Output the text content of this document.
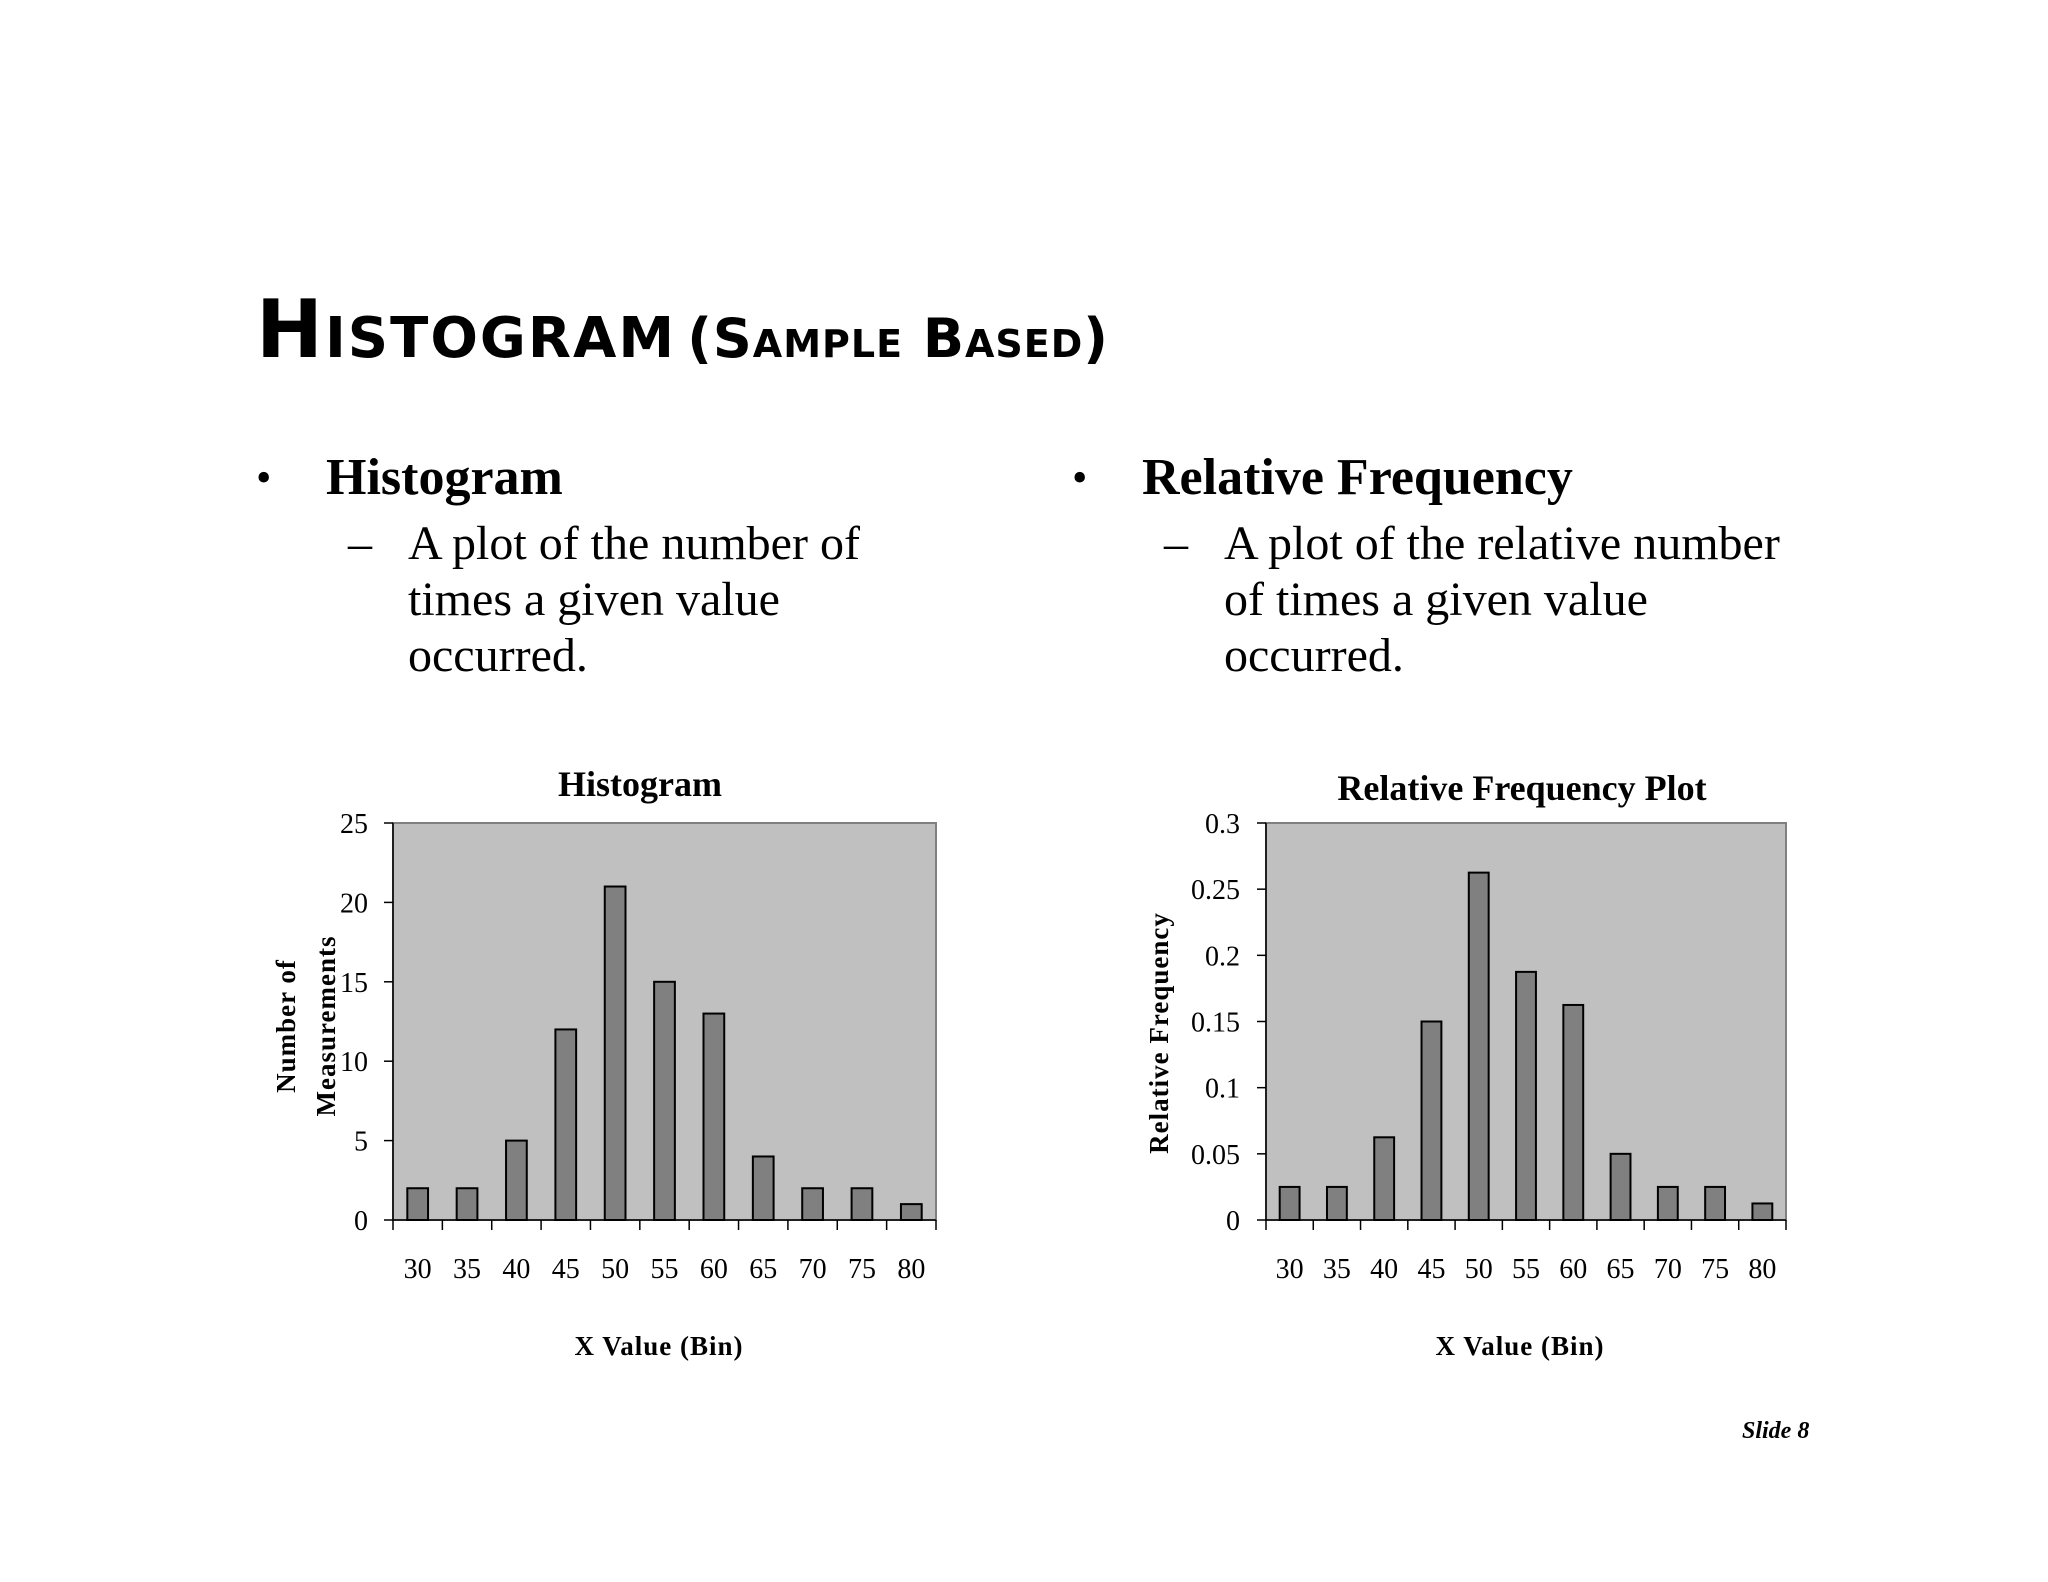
Histogram (Sample Based)
• Histogram
– A plot of the number of times a given value occurred.
• Relative Frequency
– A plot of the relative number of times a given value occurred.
Histogram
0
5
10
15
20
25
30 35 40 45 50 55 60 65 70 75 80
X Value (Bin)
Number of Measurements
Relative Frequency Plot
0
0.05
0.1
0.15
0.2
0.25
0.3
30 35 40 45 50 55 60 65 70 75 80
X Value (Bin)
Relative Frequency
Slide 8
